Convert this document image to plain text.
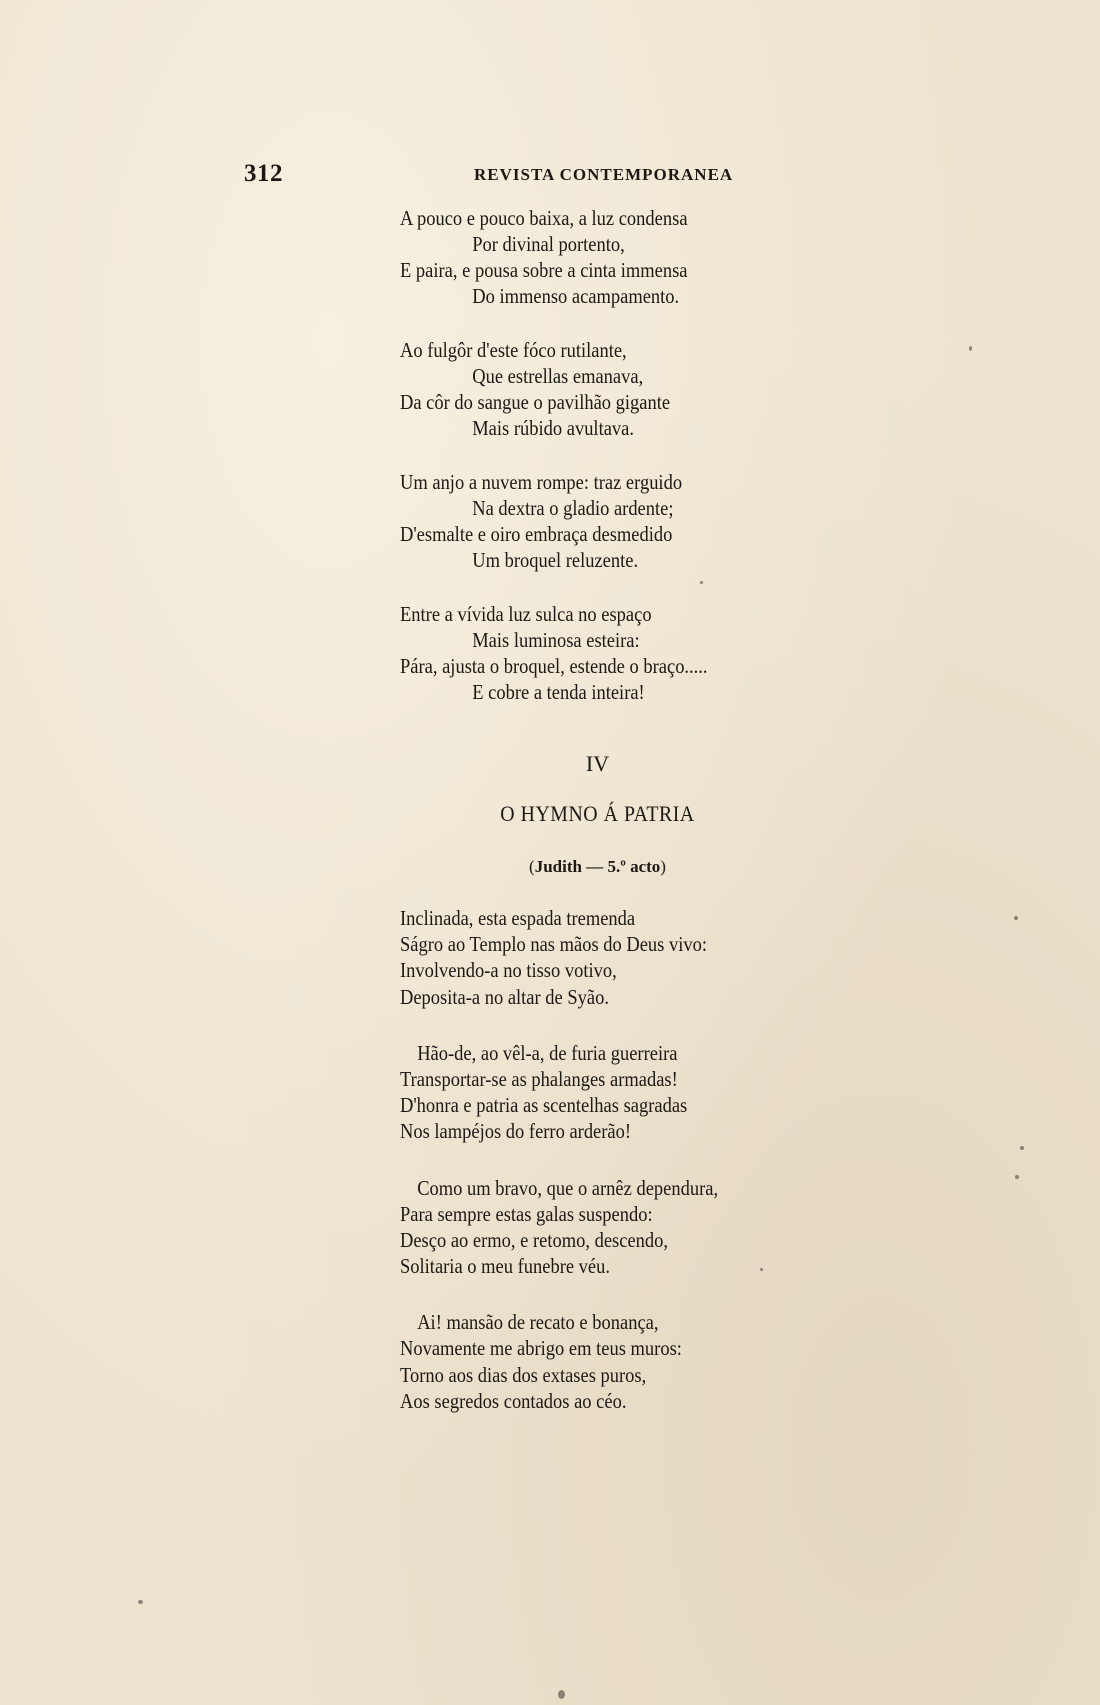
312	REVISTA CONTEMPORANEA
A pouco e pouco baixa, a luz condensa
Por divinal portento,
E paira, e pousa sobre a cinta immensa
Do immenso acampamento.
Ao fulgôr d'este fóco rutilante,
Que estrellas emanava,
Da côr do sangue o pavilhão gigante
Mais rúbido avultava.
Um anjo a nuvem rompe: traz erguido
Na dextra o gladio ardente;
D'esmalte e oiro embraça desmedido
Um broquel reluzente.
Entre a vívida luz sulca no espaço
Mais luminosa esteira:
Pára, ajusta o broquel, estende o braço.....
E cobre a tenda inteira!
IV
O HYMNO Á PATRIA
(Judith — 5.º acto)
Inclinada, esta espada tremenda
Ságro ao Templo nas mãos do Deus vivo:
Involvendo-a no tisso votivo,
Deposita-a no altar de Syão.
Hão-de, ao vêl-a, de furia guerreira
Transportar-se as phalanges armadas!
D'honra e patria as scentelhas sagradas
Nos lampéjos do ferro arderão!
Como um bravo, que o arnêz dependura,
Para sempre estas galas suspendo:
Desço ao ermo, e retomo, descendo,
Solitaria o meu funebre véu.
Ai! mansão de recato e bonança,
Novamente me abrigo em teus muros:
Torno aos dias dos extases puros,
Aos segredos contados ao céo.
